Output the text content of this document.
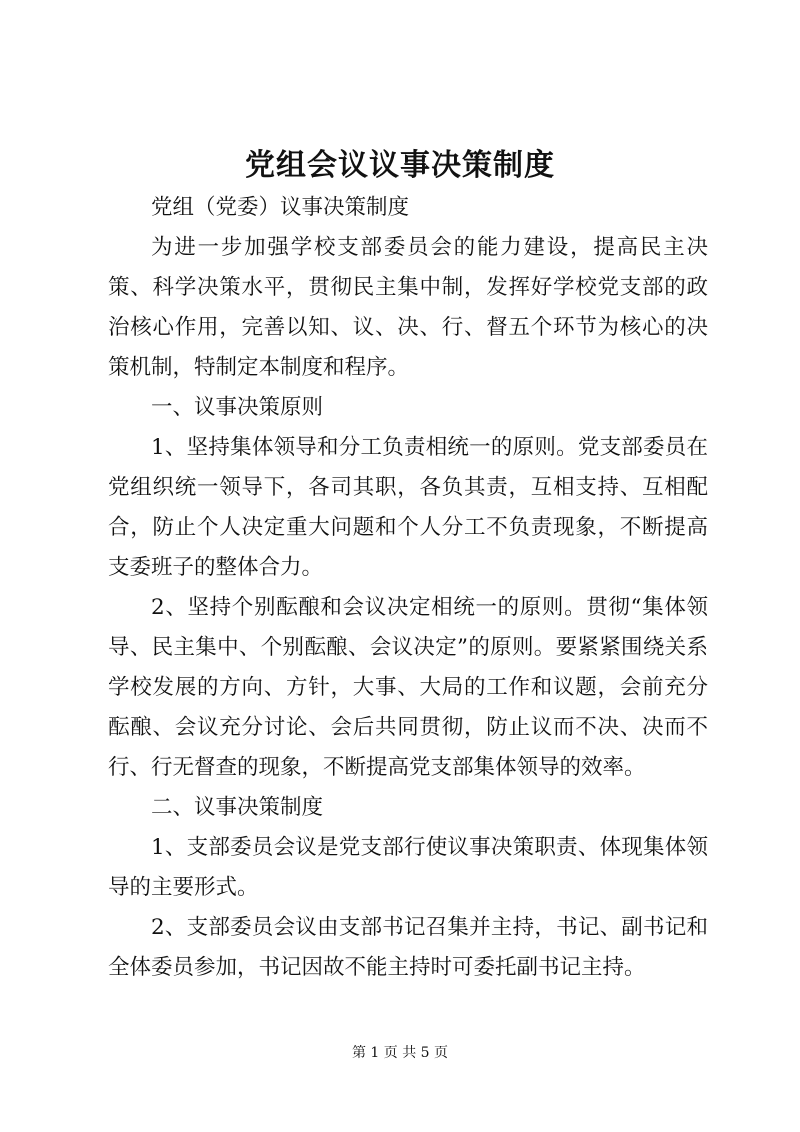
党组会议议事决策制度

党组（党委）议事决策制度

为进一步加强学校支部委员会的能力建设，提高民主决策、科学决策水平，贯彻民主集中制，发挥好学校党支部的政治核心作用，完善以知、议、决、行、督五个环节为核心的决策机制，特制定本制度和程序。

一、议事决策原则

1、坚持集体领导和分工负责相统一的原则。党支部委员在党组织统一领导下，各司其职，各负其责，互相支持、互相配合，防止个人决定重大问题和个人分工不负责现象，不断提高支委班子的整体合力。

2、坚持个别酝酿和会议决定相统一的原则。贯彻“集体领导、民主集中、个别酝酿、会议决定”的原则。要紧紧围绕关系学校发展的方向、方针，大事、大局的工作和议题，会前充分酝酿、会议充分讨论、会后共同贯彻，防止议而不决、决而不行、行无督查的现象，不断提高党支部集体领导的效率。

二、议事决策制度

1、支部委员会议是党支部行使议事决策职责、体现集体领导的主要形式。

2、支部委员会议由支部书记召集并主持，书记、副书记和全体委员参加，书记因故不能主持时可委托副书记主持。

第 1 页 共 5 页
